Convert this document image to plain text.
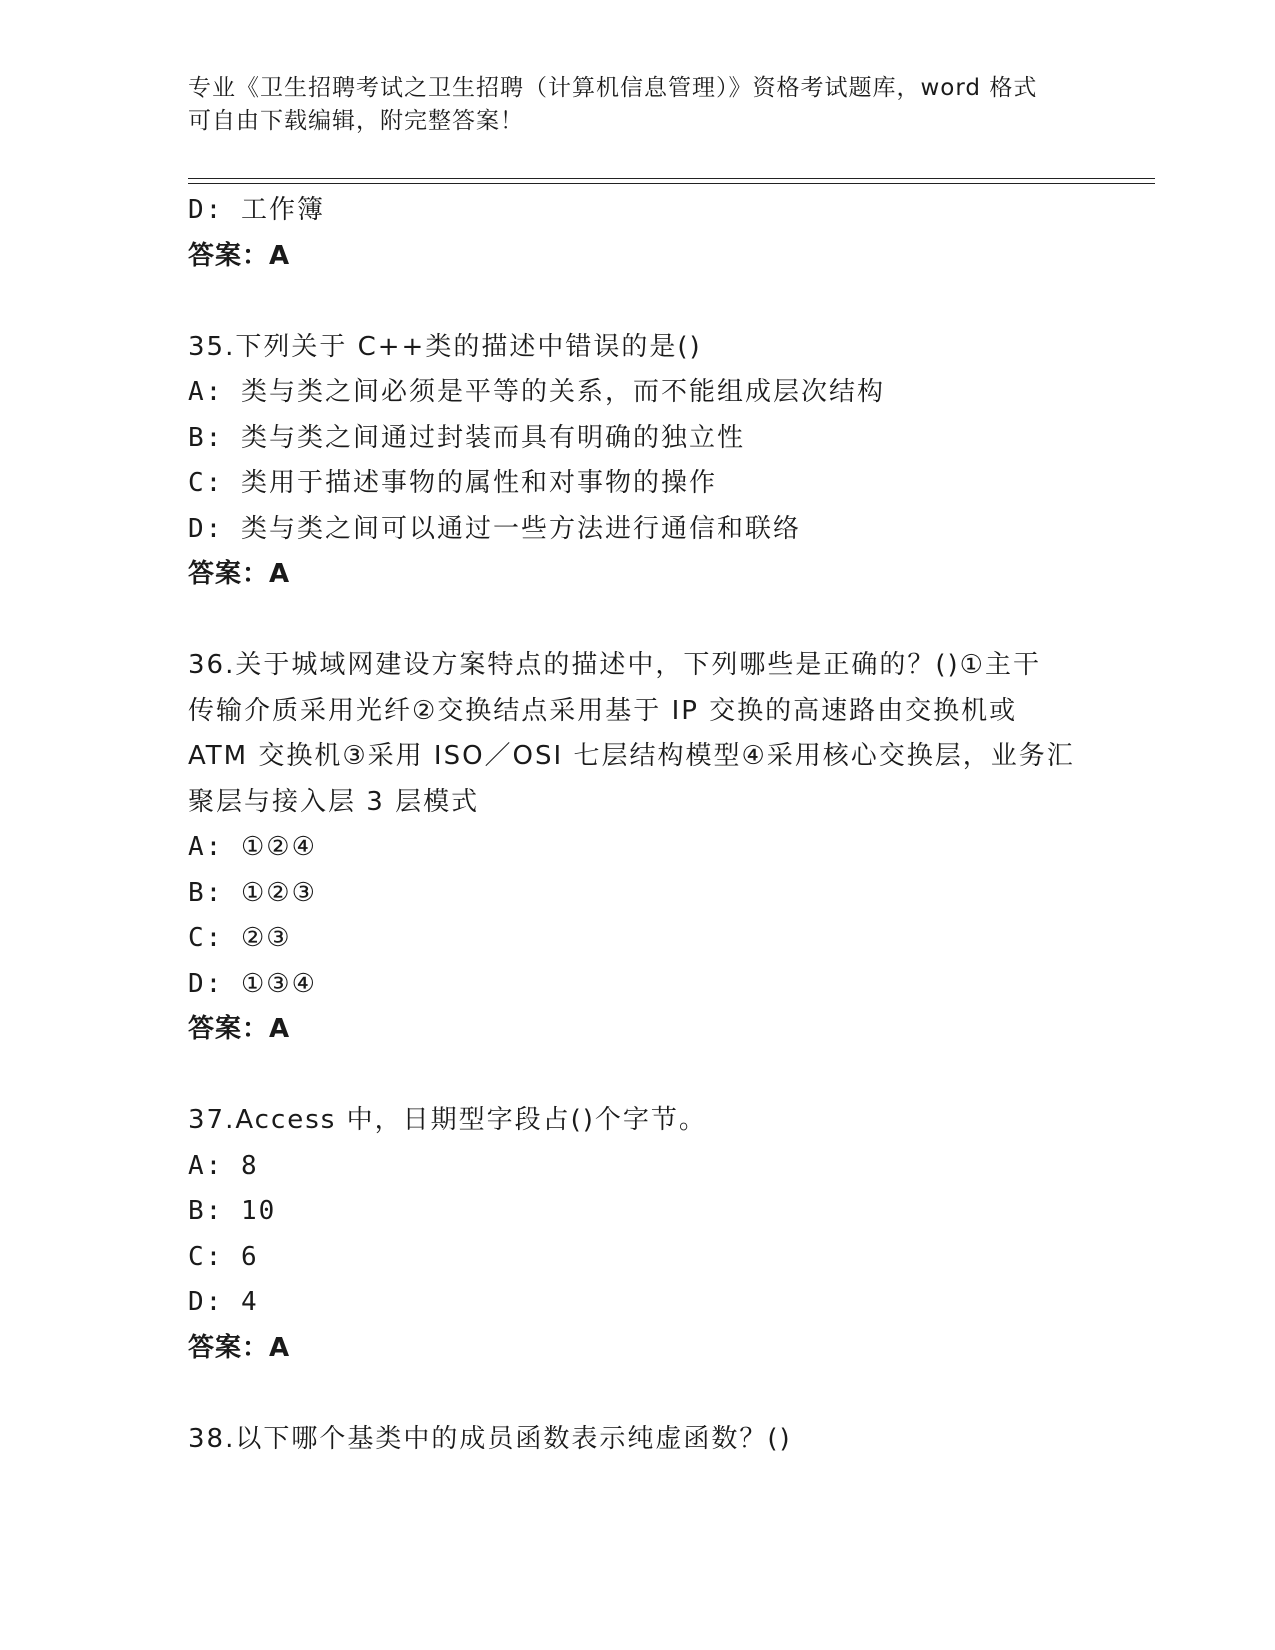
专业《卫生招聘考试之卫生招聘（计算机信息管理）》资格考试题库，word 格式
可自由下载编辑，附完整答案！
D: 工作簿
答案：A
35.下列关于 C++类的描述中错误的是()
A: 类与类之间必须是平等的关系，而不能组成层次结构
B: 类与类之间通过封装而具有明确的独立性
C: 类用于描述事物的属性和对事物的操作
D: 类与类之间可以通过一些方法进行通信和联络
答案：A
36.关于城域网建设方案特点的描述中，下列哪些是正确的？()①主干
传输介质采用光纤②交换结点采用基于 IP 交换的高速路由交换机或
ATM 交换机③采用 ISO／OSI 七层结构模型④采用核心交换层，业务汇
聚层与接入层 3 层模式
A: ①②④
B: ①②③
C: ②③
D: ①③④
答案：A
37.Access 中，日期型字段占()个字节。
A: 8
B: 10
C: 6
D: 4
答案：A
38.以下哪个基类中的成员函数表示纯虚函数？()
